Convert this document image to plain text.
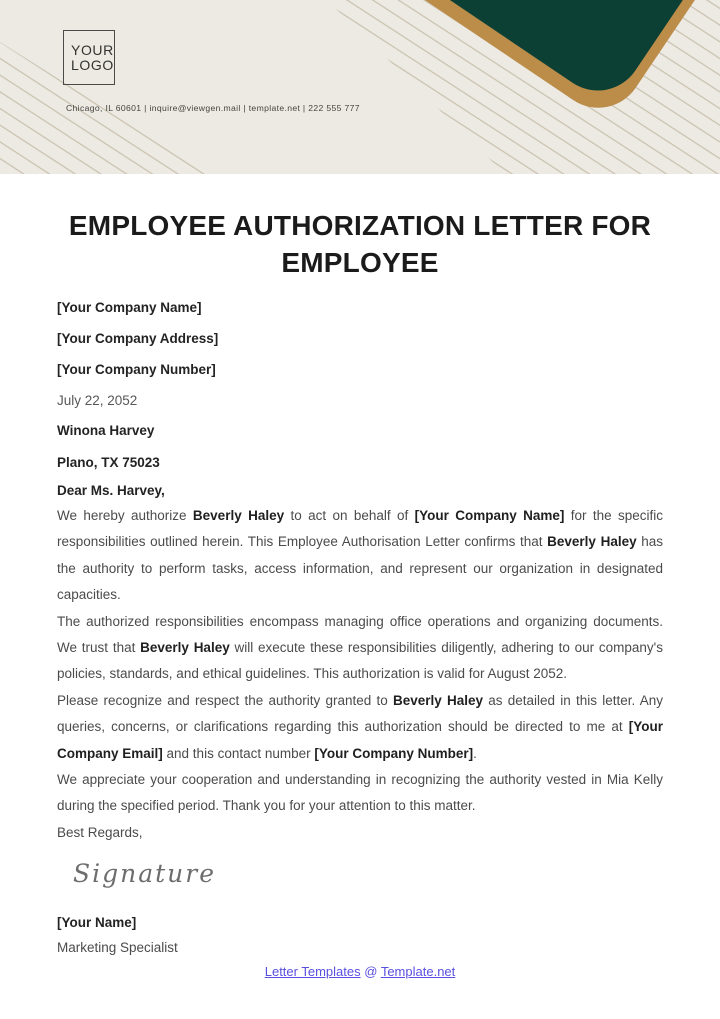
YOUR
LOGO
Chicago, IL 60601 | inquire@viewgen.mail | template.net | 222 555 777
EMPLOYEE AUTHORIZATION LETTER FOR EMPLOYEE

[Your Company Name]

[Your Company Address]

[Your Company Number]

July 22, 2052

Winona Harvey

Plano, TX 75023

Dear Ms. Harvey,

We hereby authorize Beverly Haley to act on behalf of [Your Company Name] for the specific responsibilities outlined herein. This Employee Authorisation Letter confirms that Beverly Haley has the authority to perform tasks, access information, and represent our organization in designated capacities.

The authorized responsibilities encompass managing office operations and organizing documents. We trust that Beverly Haley will execute these responsibilities diligently, adhering to our company's policies, standards, and ethical guidelines. This authorization is valid for August 2052.

Please recognize and respect the authority granted to Beverly Haley as detailed in this letter. Any queries, concerns, or clarifications regarding this authorization should be directed to me at [Your Company Email] and this contact number [Your Company Number].

We appreciate your cooperation and understanding in recognizing the authority vested in Mia Kelly during the specified period. Thank you for your attention to this matter.

Best Regards,

Signature

[Your Name]

Marketing Specialist

Letter Templates @ Template.net
